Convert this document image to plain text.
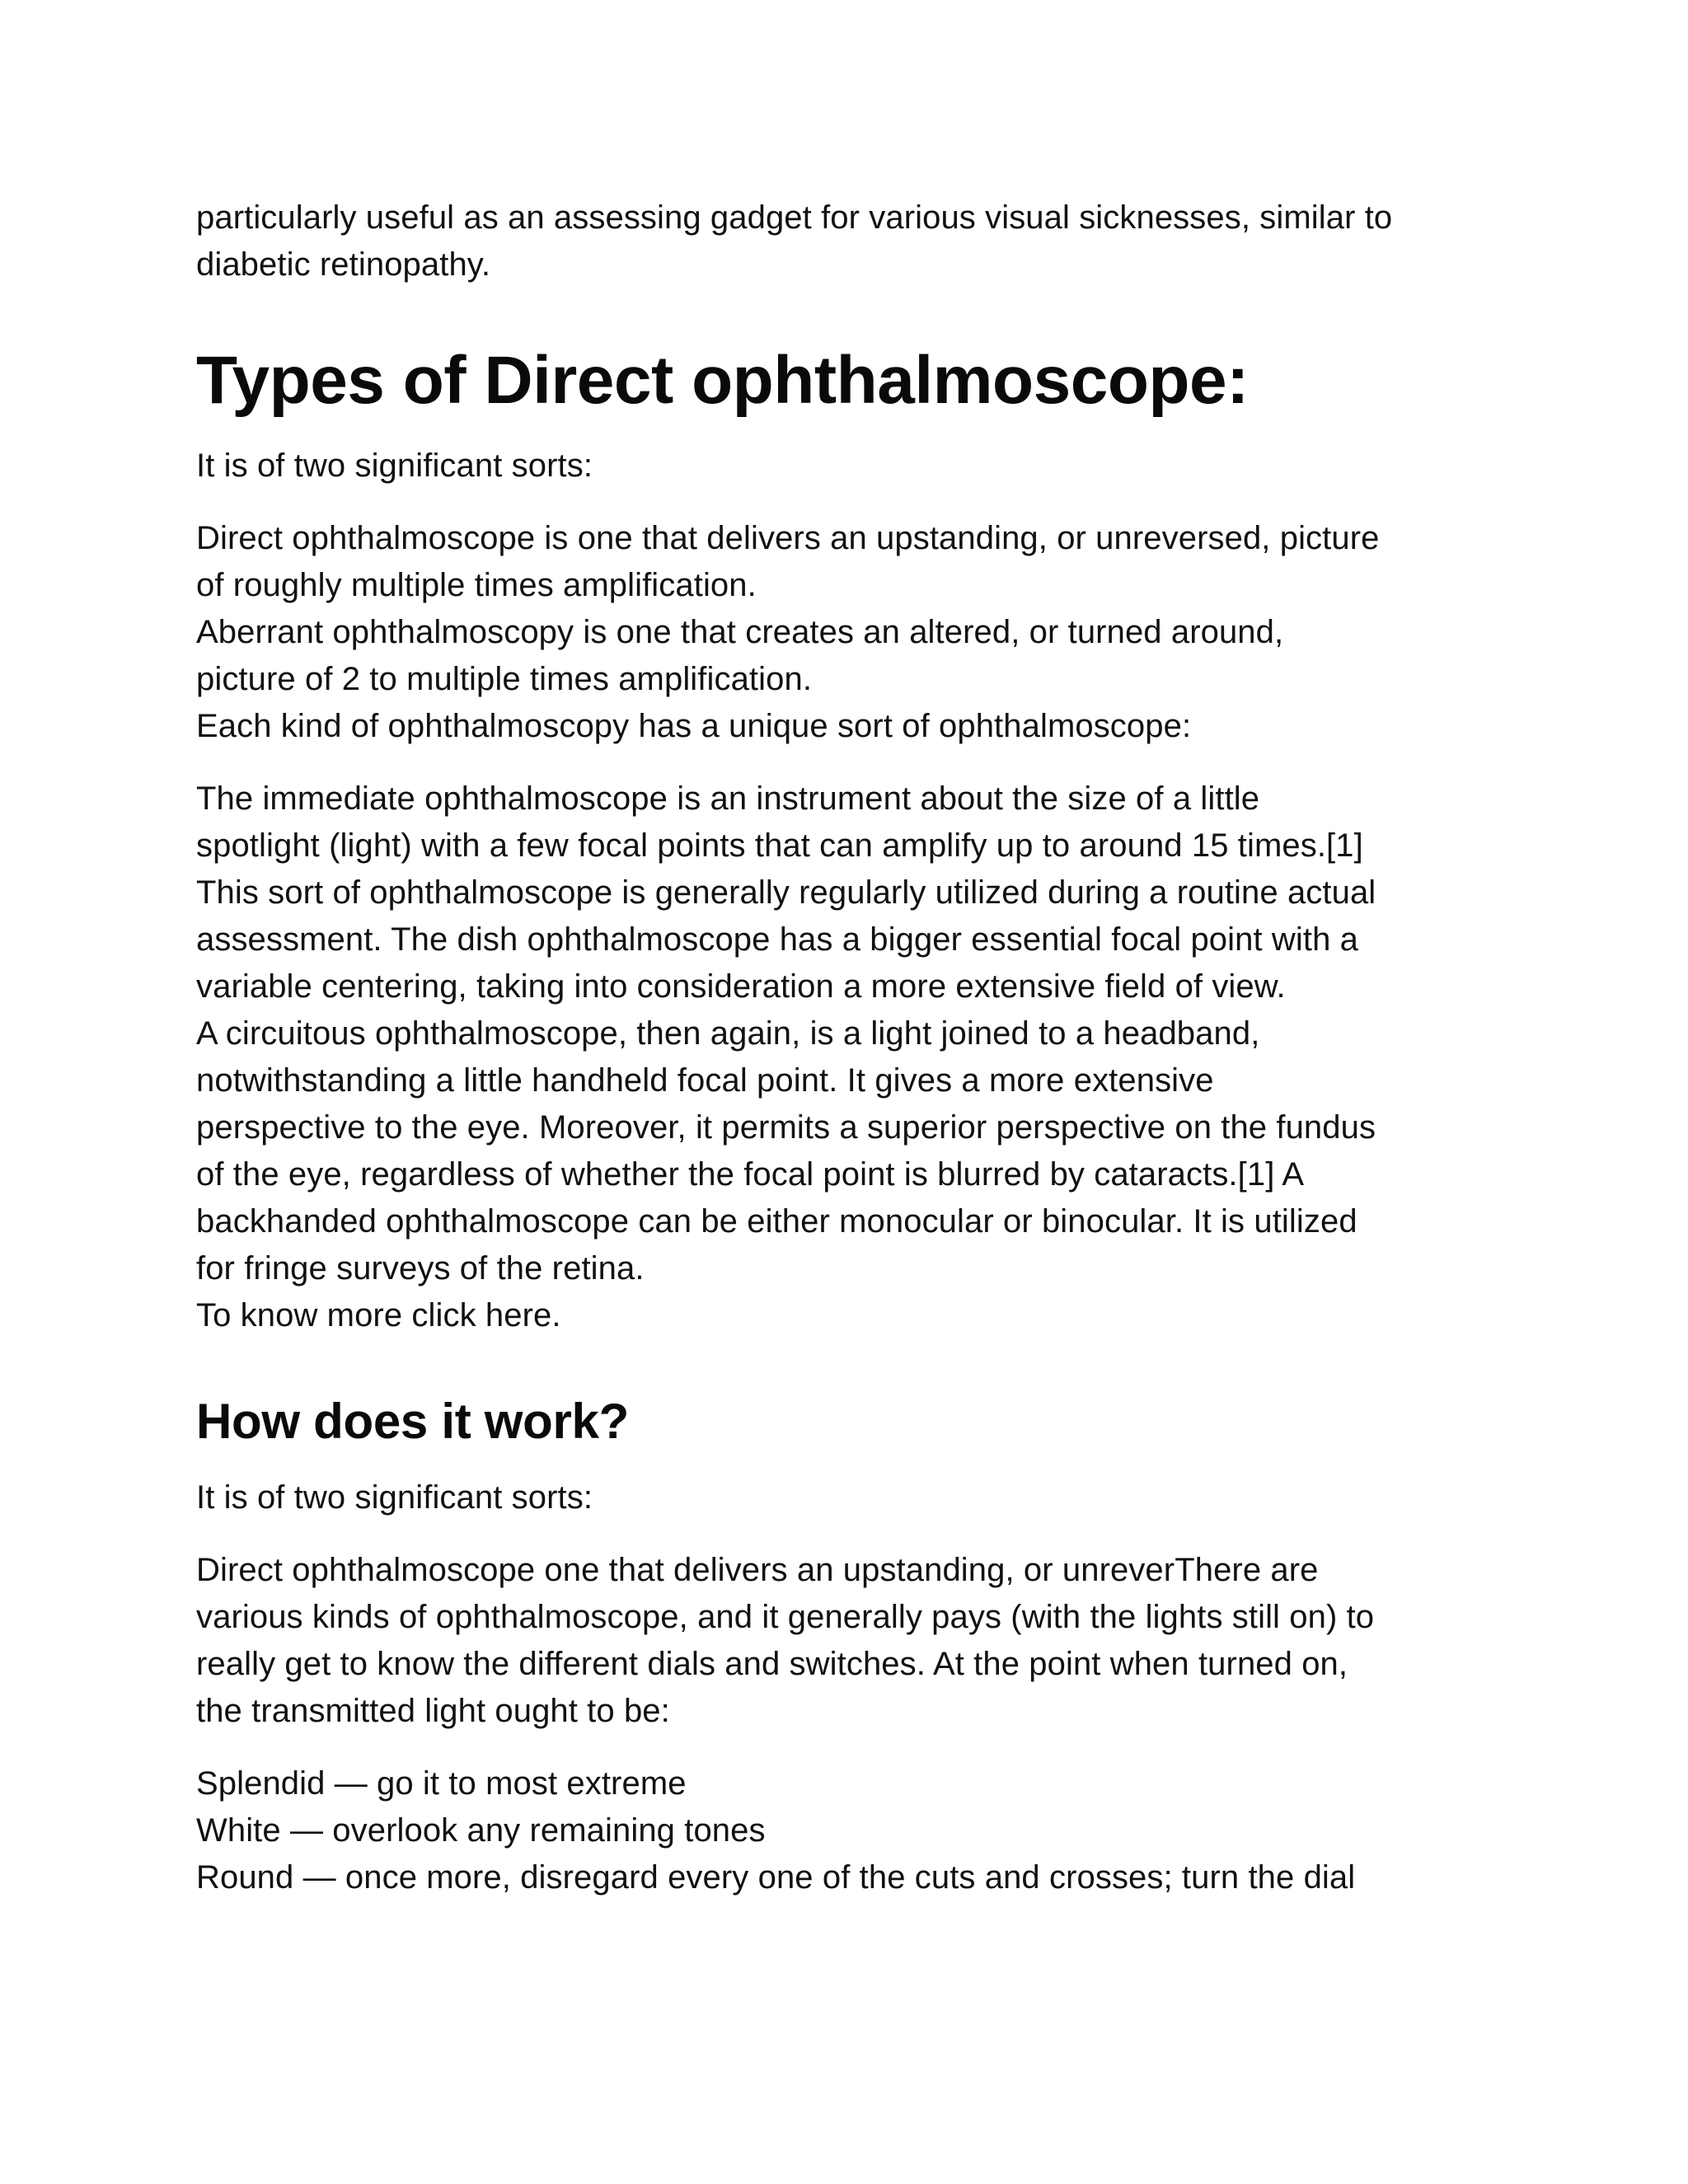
particularly useful as an assessing gadget for various visual sicknesses, similar to
diabetic retinopathy.
Types of Direct ophthalmoscope:

It is of two significant sorts:

Direct ophthalmoscope is one that delivers an upstanding, or unreversed, picture
of roughly multiple times amplification.
Aberrant ophthalmoscopy is one that creates an altered, or turned around,
picture of 2 to multiple times amplification.
Each kind of ophthalmoscopy has a unique sort of ophthalmoscope:
The immediate ophthalmoscope is an instrument about the size of a little
spotlight (light) with a few focal points that can amplify up to around 15 times.[1]
This sort of ophthalmoscope is generally regularly utilized during a routine actual
assessment. The dish ophthalmoscope has a bigger essential focal point with a
variable centering, taking into consideration a more extensive field of view.
A circuitous ophthalmoscope, then again, is a light joined to a headband,
notwithstanding a little handheld focal point. It gives a more extensive
perspective to the eye. Moreover, it permits a superior perspective on the fundus
of the eye, regardless of whether the focal point is blurred by cataracts.[1] A
backhanded ophthalmoscope can be either monocular or binocular. It is utilized
for fringe surveys of the retina.
To know more click here.
How does it work?

It is of two significant sorts:

Direct ophthalmoscope one that delivers an upstanding, or unreverThere are
various kinds of ophthalmoscope, and it generally pays (with the lights still on) to
really get to know the different dials and switches. At the point when turned on,
the transmitted light ought to be:
Splendid — go it to most extreme
White — overlook any remaining tones
Round — once more, disregard every one of the cuts and crosses; turn the dial
